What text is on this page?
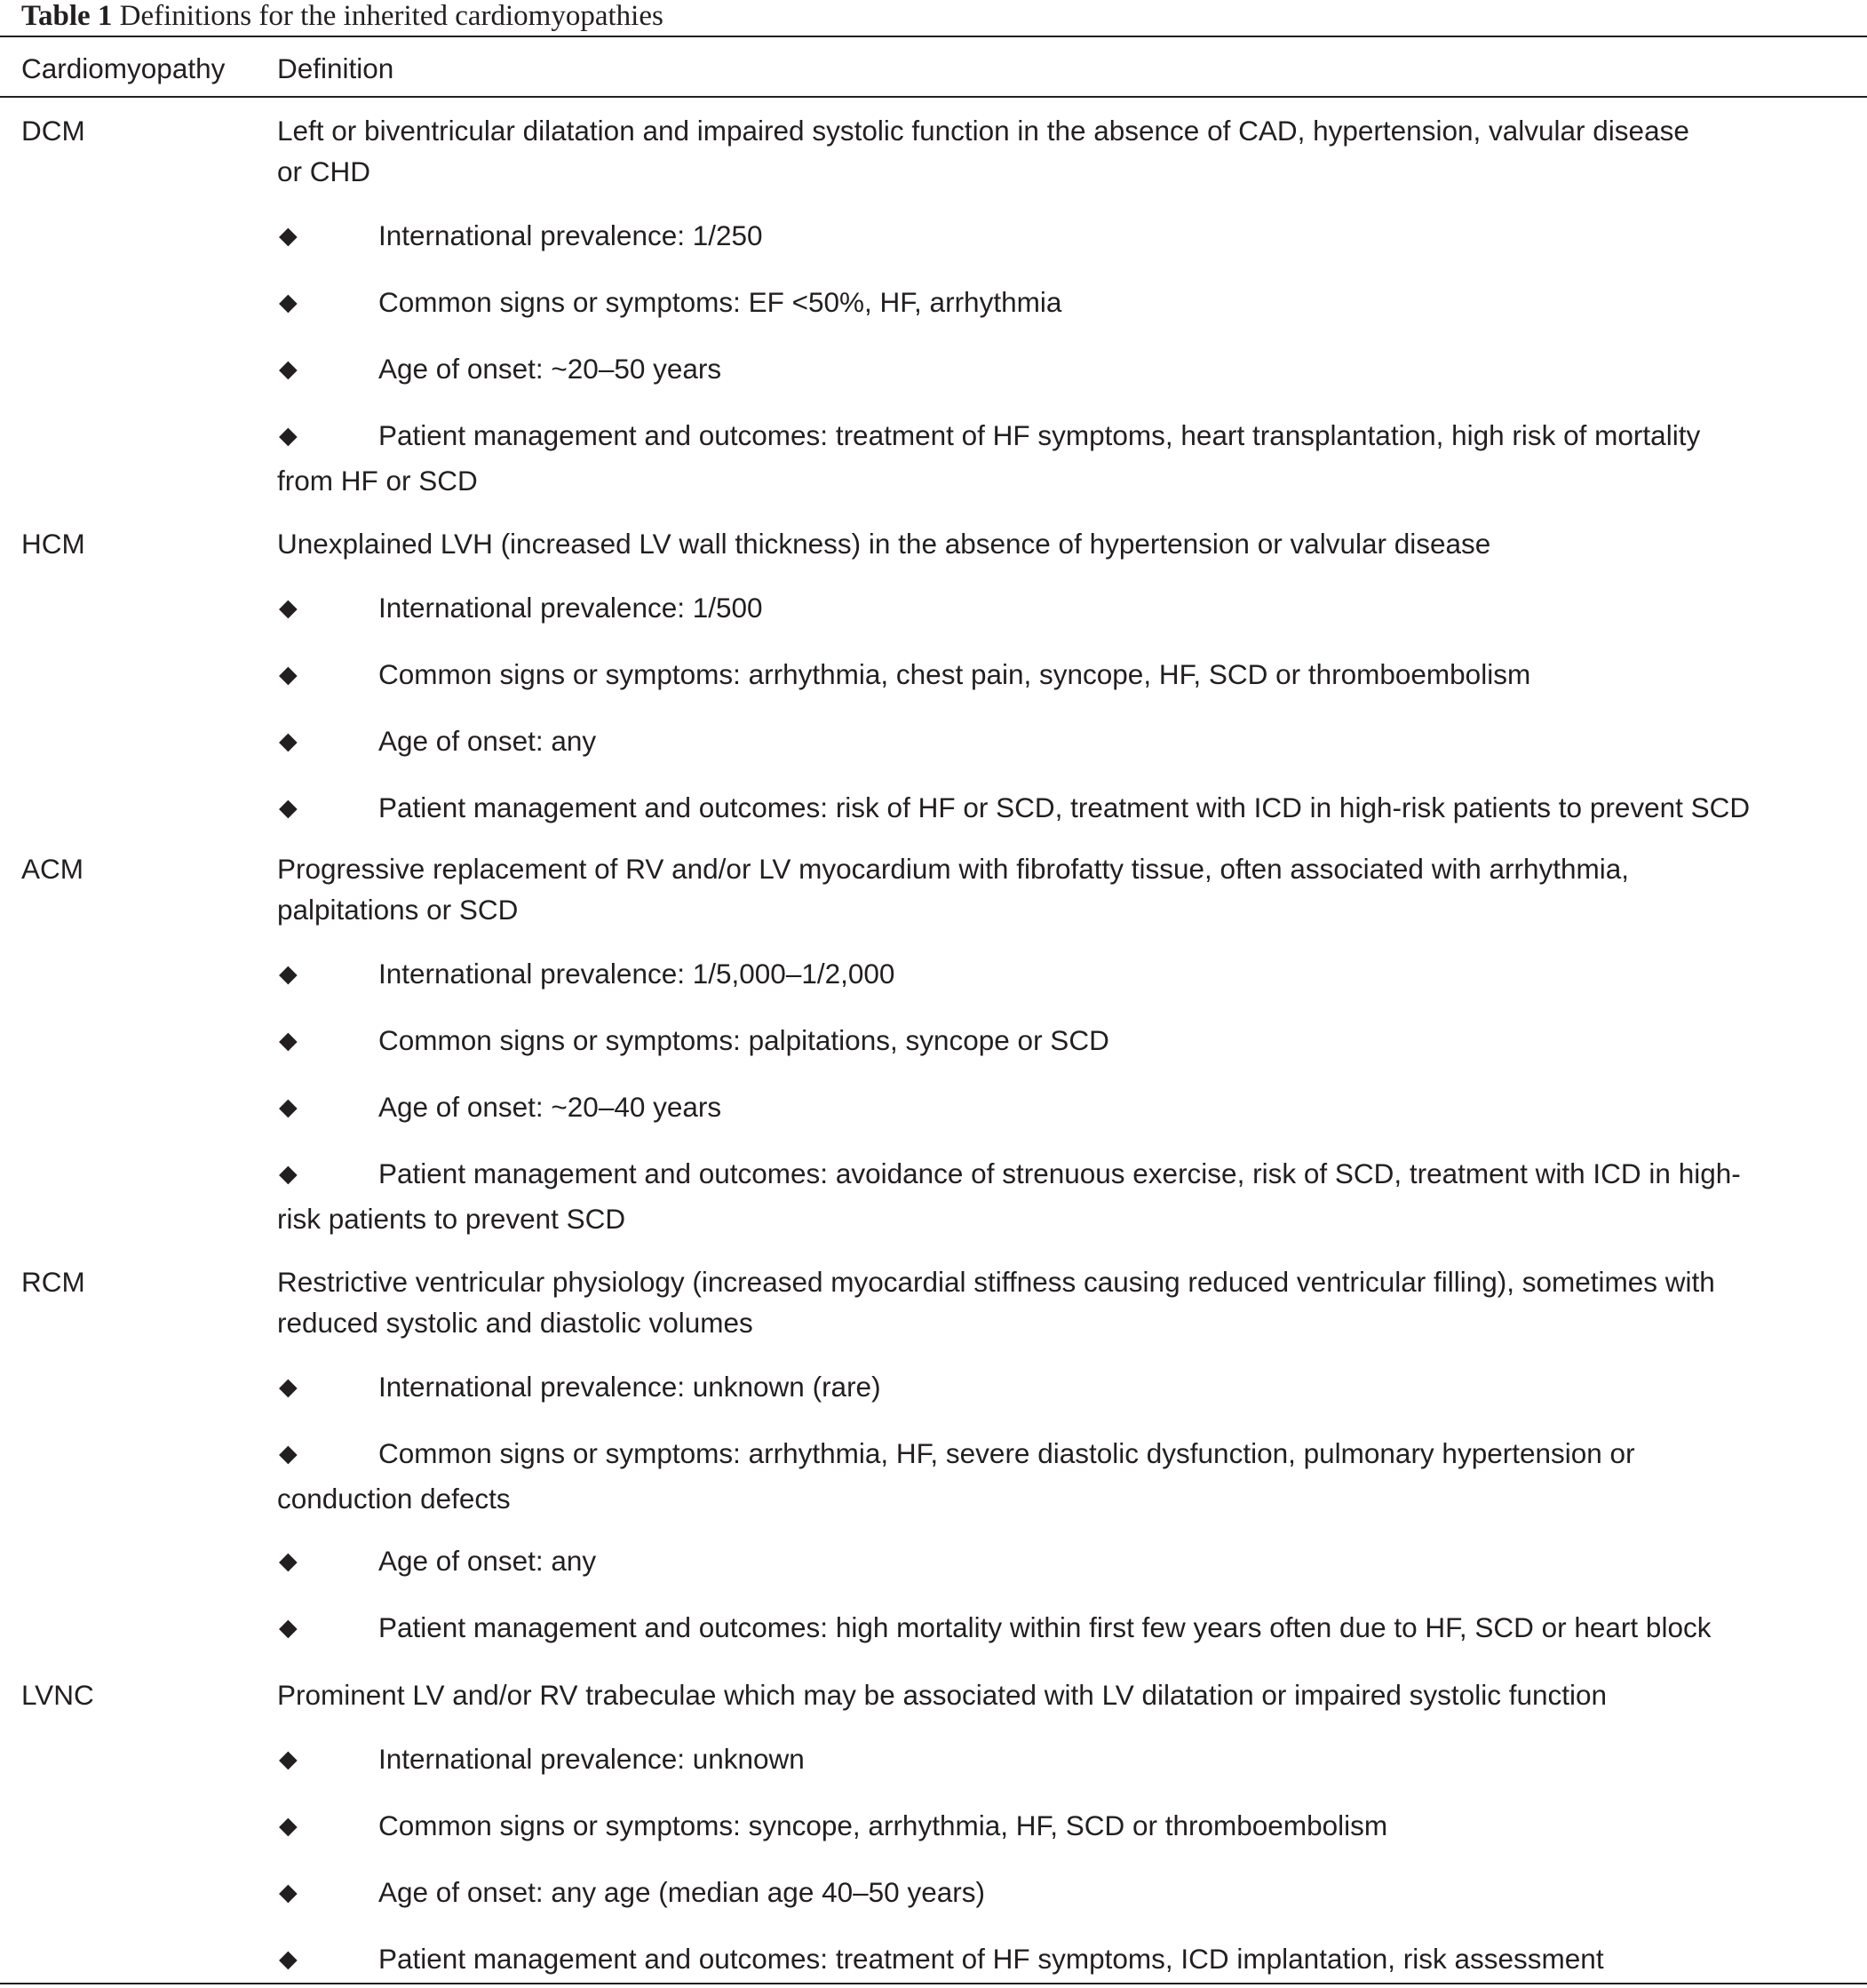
Table 1 Definitions for the inherited cardiomyopathies
Cardiomyopathy Definition
DCM	Left or biventricular dilatation and impaired systolic function in the absence of CAD, hypertension, valvular disease
or CHD
◆	International prevalence: 1/250
◆	Common signs or symptoms: EF <50%, HF, arrhythmia
◆	Age of onset: ~20–50 years
◆	Patient management and outcomes: treatment of HF symptoms, heart transplantation, high risk of mortality
from HF or SCD
HCM	Unexplained LVH (increased LV wall thickness) in the absence of hypertension or valvular disease
◆	International prevalence: 1/500
◆	Common signs or symptoms: arrhythmia, chest pain, syncope, HF, SCD or thromboembolism
◆	Age of onset: any
◆	Patient management and outcomes: risk of HF or SCD, treatment with ICD in high-risk patients to prevent SCD
ACM	Progressive replacement of RV and/or LV myocardium with fibrofatty tissue, often associated with arrhythmia,
palpitations or SCD
◆	International prevalence: 1/5,000–1/2,000
◆	Common signs or symptoms: palpitations, syncope or SCD
◆	Age of onset: ~20–40 years
◆	Patient management and outcomes: avoidance of strenuous exercise, risk of SCD, treatment with ICD in high-
risk patients to prevent SCD
RCM	Restrictive ventricular physiology (increased myocardial stiffness causing reduced ventricular filling), sometimes with
reduced systolic and diastolic volumes
◆	International prevalence: unknown (rare)
◆	Common signs or symptoms: arrhythmia, HF, severe diastolic dysfunction, pulmonary hypertension or
conduction defects
◆	Age of onset: any
◆	Patient management and outcomes: high mortality within first few years often due to HF, SCD or heart block
LVNC	Prominent LV and/or RV trabeculae which may be associated with LV dilatation or impaired systolic function
◆	International prevalence: unknown
◆	Common signs or symptoms: syncope, arrhythmia, HF, SCD or thromboembolism
◆	Age of onset: any age (median age 40–50 years)
◆	Patient management and outcomes: treatment of HF symptoms, ICD implantation, risk assessment
